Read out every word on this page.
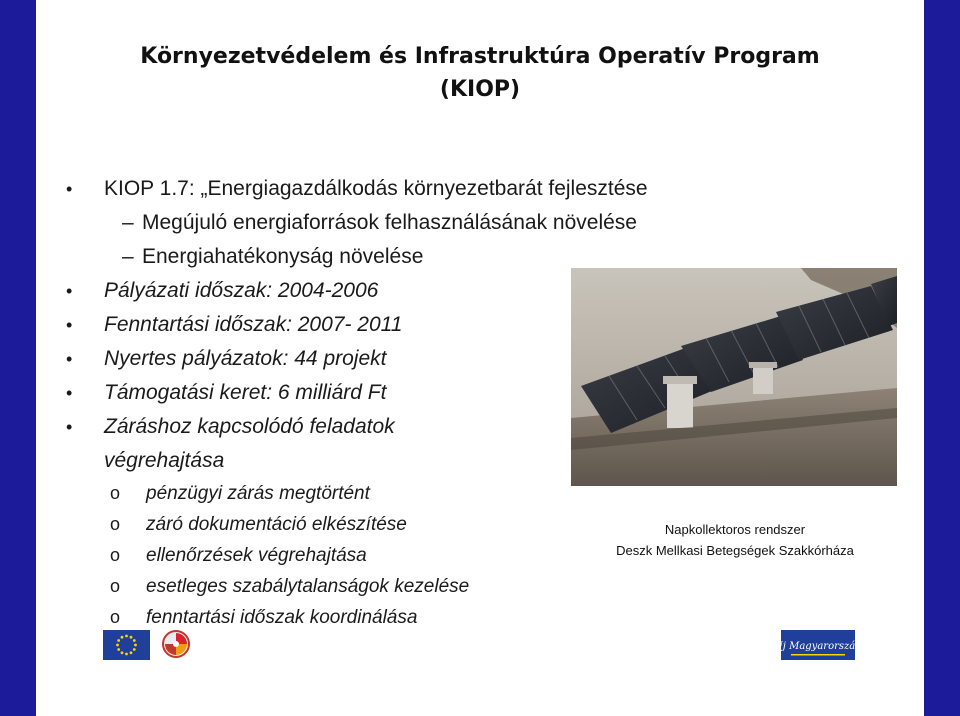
Környezetvédelem és Infrastruktúra Operatív Program
(KIOP)
• KIOP 1.7: „Energiagazdálkodás környezetbarát fejlesztése
– Megújuló energiaforrások felhasználásának növelése
– Energiahatékonyság növelése
• Pályázati időszak: 2004-2006
• Fenntartási időszak: 2007- 2011
• Nyertes pályázatok: 44 projekt
• Támogatási keret: 6 milliárd Ft
• Záráshoz kapcsolódó feladatok
végrehajtása
o pénzügyi zárás megtörtént
o záró dokumentáció elkészítése
o ellenőrzések végrehajtása
o esetleges szabálytalanságok kezelése
o fenntartási időszak koordinálása
Napkollektoros rendszer
Deszk Mellkasi Betegségek Szakkórháza
Új Magyarország
